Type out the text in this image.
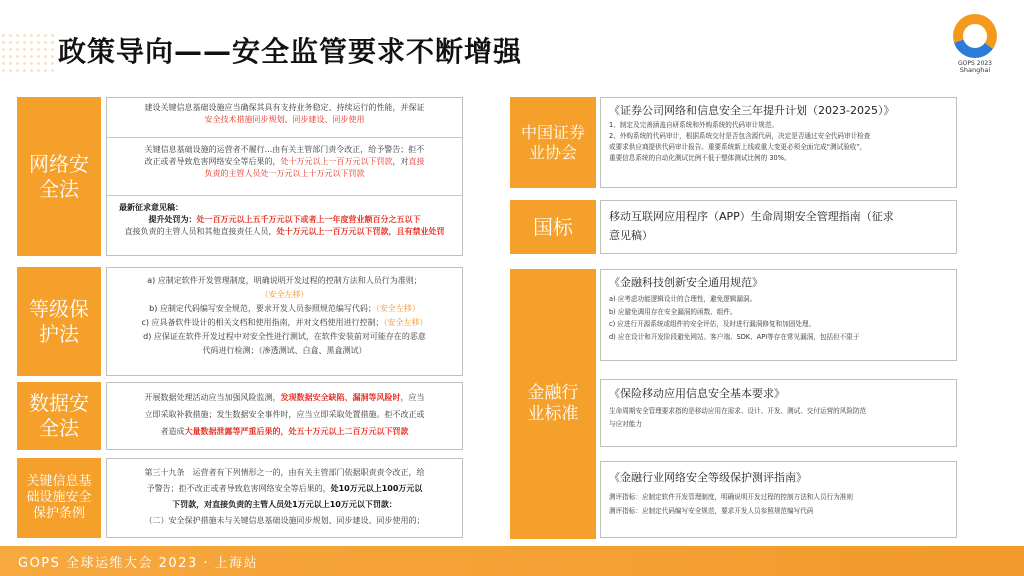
政策导向——安全监管要求不断增强	GOPS 2023
Shanghai
网络安全法
建设关键信息基础设施应当确保其具有支持业务稳定、持续运行的性能，并保证
安全技术措施同步规划、同步建设、同步使用
关键信息基础设施的运营者不履行...由有关主管部门责令改正，给予警告；拒不
改正或者导致危害网络安全等后果的，处十万元以上一百万元以下罚款，对直接
负责的主管人员处一万元以上十万元以下罚款
最新征求意见稿：
提升处罚为：处一百万元以上五千万元以下或者上一年度营业额百分之五以下
直接负责的主管人员和其他直接责任人员，处十万元以上一百万元以下罚款，且有禁业处罚
等级保护法
a) 应制定软件开发管理制度，明确说明开发过程的控制方法和人员行为准则；
（安全左移）
b) 应制定代码编写安全规范，要求开发人员参照规范编写代码；（安全左移）
c) 应具备软件设计的相关文档和使用指南，并对文档使用进行控制；（安全左移）
d) 应保证在软件开发过程中对安全性进行测试，在软件安装前对可能存在的恶意
代码进行检测；（渗透测试、白盒、黑盒测试）
数据安全法
开展数据处理活动应当加强风险监测，发现数据安全缺陷、漏洞等风险时，应当
立即采取补救措施；发生数据安全事件时，应当立即采取处置措施。拒不改正或
者造成大量数据泄露等严重后果的，处五十万元以上二百万元以下罚款
关键信息基础设施安全保护条例
第三十九条　运营者有下列情形之一的，由有关主管部门依据职责责令改正，给
予警告；拒不改正或者导致危害网络安全等后果的，处10万元以上100万元以
下罚款，对直接负责的主管人员处1万元以上10万元以下罚款：
（二）安全保护措施未与关键信息基础设施同步规划、同步建设、同步使用的；
中国证券业协会
《证券公司网络和信息安全三年提升计划（2023-2025）》
1、制定及完善涵盖自研系统和外购系统的代码审计规范。
2、外购系统的代码审计，根据系统交付是否包含源代码，决定是否通过安全代码审计检查
或要求供应商提供代码审计报告。重要系统新上线或重大变更必须全面完成“测试验收”，
重要信息系统的自动化测试比例不低于整体测试比例的 30%。
国标	移动互联网应用程序（APP）生命周期安全管理指南（征求
意见稿）
金融行业标准
《金融科技创新安全通用规范》
a) 应考虑功能逻辑设计的合理性，避免逻辑漏洞。
b) 应避免调用存在安全漏洞的函数、组件。
c) 应进行开源系统或组件的安全评估，及时进行漏洞修复和加固处理。
d) 应在设计和开发阶段避免网站、客户端、SDK、API等存在常见漏洞，包括但不限于
《保险移动应用信息安全基本要求》
生命周期安全管理要求指的是移动应用在需求、设计、开发、测试、交付运营的风险防范
与应对能力
《金融行业网络安全等级保护测评指南》
测评指标：应制定软件开发管理制度，明确说明开发过程的控制方法和人员行为准则
测评指标：应制定代码编写安全规范，要求开发人员参照规范编写代码
GOPS 全球运维大会 2023 · 上海站
